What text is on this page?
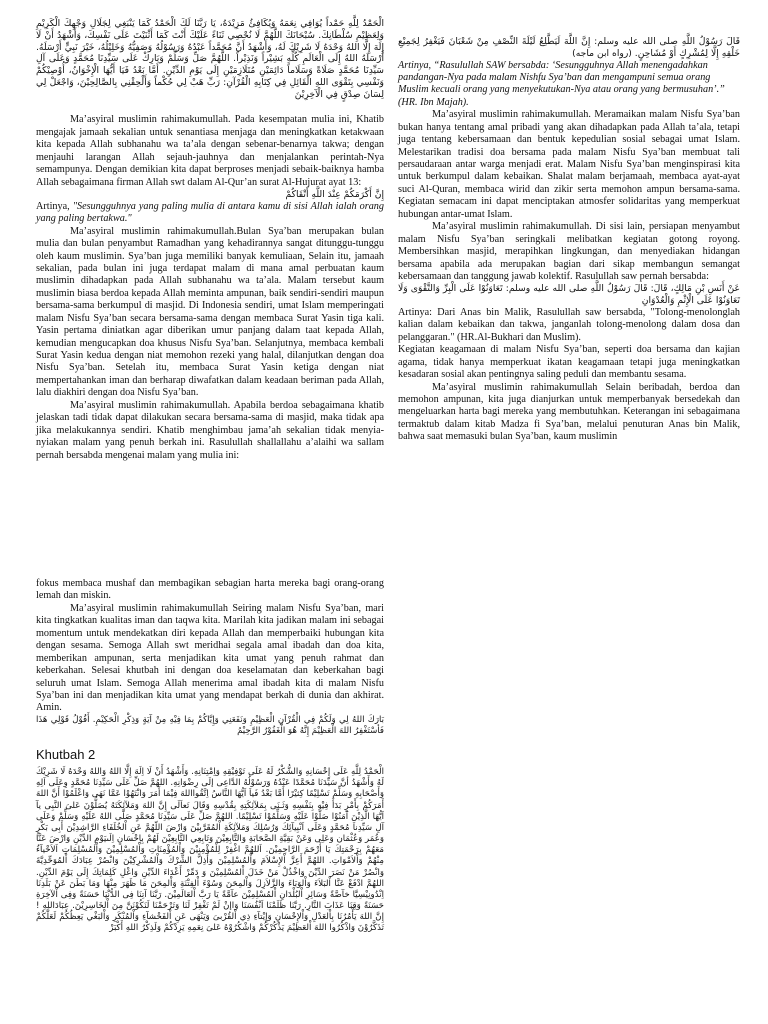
الْحَمْدُ لِلَّهِ حَمْداً يُوَافِي نِعَمَهُ وَيُكَافِئُ مَزِيْدَهُ، يَا رَبَّنَا لَكَ الْحَمْدُ كَمَا يَنْبَغِي لِجَلَالِ وَجْهِكَ الْكَرِيْمِ وَلِعَظِيْمِ سُلْطَانِكَ. سُبْحَانَكَ اللَّهُمَّ لَا نُحْصِي ثَنَاءً عَلَيْكَ أَنْتَ كَمَا أَثْنَيْتَ عَلَى نَفْسِكَ، وَأَشْهَدُ أَنْ لَا إِلَهَ إِلَّا اللهُ وَحْدَهُ لَا شَرِيْكَ لَهُ، وَأَشْهَدُ أَنَّ مُحَمَّداً عَبْدُهُ وَرَسُوْلُهُ وَصَفِيُّهُ وَخَلِيْلُهُ، خَيْرَ نَبِيٍّ أَرْسَلَهُ. أَرْسَلَهُ اللهُ إِلَى الْعَالَمِ كُلِّهِ بَشِيْراً وَنَذِيْراً. اللَّهُمَّ صَلِّ وَسَلِّمْ وَبَارِكْ عَلَى سَيِّدِنَا مُحَمَّدٍ وَعَلَى آلِ سَيِّدِنَا مُحَمَّدٍ صَلَاةً وَسَلَاماً دَائِمَيْنِ مُتَلَازِمَيْنِ إِلَى يَوْمِ الدِّيْنِ. أَمَّا بَعْدُ فَيَا أَيُّهَا الْإِخْوَانُ، أُوْصِيْكُمْ وَنَفْسِي بِتَقْوَى اللهِ الْقَائِلِ فِي كِتَابِهِ الْقُرْآنِ: رَبِّ هَبْ لِي حُكْماً وَأَلْحِقْنِي بِالصَّالِحِيْنَ، وَاجْعَلْ لِي لِسَانَ صِدْقٍ فِي الْآخِرِيْنَ

Ma’asyiral muslimin rahimakumullah. Pada kesempatan mulia ini, Khatib mengajak jamaah sekalian untuk senantiasa menjaga dan meningkatkan ketakwaan kita kepada Allah subhanahu wa ta’ala dengan sebenar-benarnya takwa; dengan menjauhi larangan Allah sejauh-jauhnya dan menjalankan perintah-Nya semampunya. Dengan demikian kita dapat berproses menjadi sebaik-baiknya hamba Allah sebagaimana firman Allah swt dalam Al-Qur’an surat Al-Hujurat ayat 13:

إِنَّ أَكْرَمَكُمْ عِنْدَ اللَّهِ أَتْقَاكُمْ

Artinya, "Sesungguhnya yang paling mulia di antara kamu di sisi Allah ialah orang yang paling bertakwa."

Ma’asyiral muslimin rahimakumullah.Bulan Sya’ban merupakan bulan mulia dan bulan penyambut Ramadhan yang kehadirannya sangat ditunggu-tunggu oleh kaum muslimin. Sya’ban juga memiliki banyak kemuliaan, Selain itu, jamaah sekalian, pada bulan ini juga terdapat malam di mana amal perbuatan kaum muslimin dihadapkan pada Allah subhanahu wa ta’ala. Malam tersebut kaum muslimin biasa berdoa kepada Allah meminta ampunan, baik sendiri-sendiri maupun bersama-sama berkumpul di masjid. Di Indonesia sendiri, umat Islam memperingati malam Nisfu Sya’ban secara bersama-sama dengan membaca Surat Yasin tiga kali. Yasin pertama diniatkan agar diberikan umur panjang dalam taat kepada Allah, kemudian mengucapkan doa khusus Nisfu Sya’ban. Selanjutnya, membaca kembali Surat Yasin kedua dengan niat memohon rezeki yang halal, dilanjutkan dengan doa Nisfu Sya’ban. Setelah itu, membaca Surat Yasin ketiga dengan niat mempertahankan iman dan berharap diwafatkan dalam keadaan beriman pada Allah, lalu diakhiri dengan doa Nisfu Sya’ban.

Ma’asyiral muslimin rahimakumullah. Apabila berdoa sebagaimana khatib jelaskan tadi tidak dapat dilakukan secara bersama-sama di masjid, maka tidak apa jika melakukannya sendiri. Khatib menghimbau jama’ah sekalian tidak menyia-nyiakan malam yang penuh berkah ini. Rasulullah shallallahu a’alaihi wa sallam pernah bersabda mengenai malam yang mulia ini:

قَالَ رَسُوْلُ اللَّهِ صلى الله عليه وسلم: إِنَّ اللَّهَ لَيَطَّلِعُ لَيْلَةَ النِّصْفِ مِنْ شَعْبَانَ فَيَغْفِرُ لِجَمِيْعِ خَلْقِهِ إِلَّا لِمُشْرِكٍ أَوْ مُشَاحِنٍ. (رواه ابن ماجه)

Artinya, “Rasulullah SAW bersabda: ‘Sesungguhnya Allah menengadahkan pandangan-Nya pada malam Nishfu Sya’ban dan mengampuni semua orang Muslim kecuali orang yang menyekutukan-Nya atau orang yang bermusuhan’.” (HR. Ibn Majah).

Ma’asyiral muslimin rahimakumullah. Meramaikan malam Nisfu Sya’ban bukan hanya tentang amal pribadi yang akan dihadapkan pada Allah ta’ala, tetapi juga tentang kebersamaan dan bentuk kepedulian sosial sebagai umat Islam. Melestarikan tradisi doa bersama pada malam Nisfu Sya’ban membuat tali persaudaraan antar warga menjadi erat. Malam Nisfu Sya’ban menginspirasi kita untuk berkumpul dalam kebaikan. Shalat malam berjamaah, membaca ayat-ayat suci Al-Quran, membaca wirid dan zikir serta memohon ampun bersama-sama. Kegiatan semacam ini dapat menciptakan atmosfer solidaritas yang memperkuat hubungan antar-umat Islam.

Ma’asyiral muslimin rahimakumullah. Di sisi lain, persiapan menyambut malam Nisfu Sya’ban seringkali melibatkan kegiatan gotong royong. Membersihkan masjid, merapihkan lingkungan, dan menyediakan hidangan bersama apabila ada merupakan bagian dari sikap membangun semangat kebersamaan dan tanggung jawab kolektif. Rasulullah saw pernah bersabda:

عَنْ أَنَسِ بْنِ مَالِكٍ، قَالَ: قَالَ رَسُوْلُ اللَّهِ صلى الله عليه وسلم: تَعَاوَنُوْا عَلَى الْبِرِّ وَالتَّقْوَى وَلَا تَعَاوَنُوْا عَلَى الْإِثْمِ وَالْعُدْوَانِ

Artinya: Dari Anas bin Malik, Rasulullah saw bersabda, "Tolong-menolonglah kalian dalam kebaikan dan takwa, janganlah tolong-menolong dalam dosa dan pelanggaran." (HR.Al-Bukhari dan Muslim).

Kegiatan keagamaan di malam Nisfu Sya’ban, seperti doa bersama dan kajian agama, tidak hanya memperkuat ikatan keagamaan tetapi juga meningkatkan kesadaran sosial akan pentingnya saling peduli dan membantu sesama.

Ma’asyiral muslimin rahimakumullah Selain beribadah, berdoa dan memohon ampunan, kita juga dianjurkan untuk memperbanyak bersedekah dan mengeluarkan harta bagi mereka yang membutuhkan. Keterangan ini sebagaimana termaktub dalam kitab Madza fi Sya’ban, melalui penuturan Anas bin Malik, bahwa saat memasuki bulan Sya’ban, kaum muslimin

fokus membaca mushaf dan membagikan sebagian harta mereka bagi orang-orang lemah dan miskin.

Ma’asyiral muslimin rahimakumullah Seiring malam Nisfu Sya’ban, mari kita tingkatkan kualitas iman dan taqwa kita. Marilah kita jadikan malam ini sebagai momentum untuk mendekatkan diri kepada Allah dan memperbaiki hubungan kita dengan sesama. Semoga Allah swt meridhai segala amal ibadah dan doa kita, memberikan ampunan, serta menjadikan kita umat yang penuh rahmat dan keberkahan. Selesai khutbah ini dengan doa keselamatan dan keberkahan bagi seluruh umat Islam. Semoga Allah menerima amal ibadah kita di malam Nisfu Sya’ban ini dan menjadikan kita umat yang mendapat berkah di dunia dan akhirat. Amin.

بَارَكَ اللهُ لِي وَلَكُمْ فِي الْقُرْآنِ الْعَظِيْمِ وَنَفَعَنِي وَإِيَّاكُمْ بِمَا فِيْهِ مِنْ آيَةٍ وَذِكْرِ الْحَكِيْمِ. أَقُوْلُ قَوْلِي هَذَا فَأسْتَغْفِرُ اللهَ الْعَظِيْمَ إِنَّهُ هُوَ الْغَفُوْرُ الرَّحِيْمُ

Khutbah 2

الْحَمْدُ لِلَّهِ عَلَى إِحْسَانِهِ وَالشُّكْرُ لَهُ عَلَى تَوْفِيْقِهِ وَاِمْتِنَانِهِ. وَأَشْهَدُ أَنْ لَا اِلَهَ إِلَّا اللهُ وَاللهُ وَحْدَهُ لَا شَرِيْكَ لَهُ وَأَشْهَدُ أنَّ سَيِّدَنَا مُحَمَّدًا عَبْدُهُ وَرَسُوْلُهُ الدَّاعِى إلَى رِضْوَانِهِ. اللهُمَّ صَلِّ عَلَى سَيِّدِنَا مُحَمَّدٍ وِعَلَى اَلِهِ وَأَصْحَابِهِ وَسَلِّمْ تَسْلِيْمًا كِثيْرًا أَمَّا بَعْدُ فَياَ اَيُّهَا النَّاسُ اِتَّقُوااللهَ فِيْمَا أَمَرَ وَانْتَهُوْا عَمَّا نَهَى وَاعْلَمُوْا أَنَّ اللهَ أَمَرَكُمْ بِأَمْرٍ بَدَأَ فِيْهِ بِنَفْسِهِ وَثَـنَى بِمَلآئِكَتِهِ بِقُدْسِهِ وَقَالَ تَعاَلَى إِنَّ اللهَ وَمَلآئِكَتَهُ يُصَلُّوْنَ عَلىَ النَّبِى يآ اَيُّهَا الَّذِيْنَ آمَنُوْا صَلُّوْا عَلَيْهِ وَسَلِّمُوْا تَسْلِيْمًا. اللهُمَّ صَلِّ عَلَى سَيِّدِنَا مُحَمَّدٍ صَلَّى اللهُ عَلَيْهِ وَسَلِّمْ وَعَلَى آلِ سَيِّدِناَ مُحَمَّدٍ وَعَلَى اَنْبِيآئِكَ وَرُسُلِكَ وَمَلآئِكَةِ اْلمُقَرَّبِيْنَ وَارْضَ اللّهُمَّ عَنِ اْلخُلَفَاءِ الرَّاشِدِيْنَ أَبِى بَكْرٍ وَعُمَر وَعُثْمَان وَعَلِى وَعَنْ بَقِيَّةِ الصَّحَابَةِ وَالتَّابِعِيْنَ وَتَابِعِي التَّابِعِيْنَ لَهُمْ بِاِحْسَانٍ اِلَىيَوْمِ الدِّيْنِ وَارْضَ عَنَّا مَعَهُمْ بِرَحْمَتِكَ يَا أَرْحَمَ الرَّاحِمِيْنَ. اَللهُمَّ اغْفِرْ لِلْمُؤْمِنِيْنَ وَاْلمُؤْمِنَاتِ وَاْلمُسْلِمِيْنَ وَاْلمُسْلِمَاتِ اَلاَحْيآءُ مِنْهُمْ وَاْلاَمْوَاتِ. اللهُمَّ أَعِزَّ اْلإِسْلاَمَ وَاْلمُسْلِمِيْنَ وَأَذِلَّ الشِّرْكَ وَاْلمُشْرِكِيْنَ وَانْصُرْ عِبَادَكَ اْلمُوَحِّدِيَّةَ وَانْصُرْ مَنْ نَصَرَ الدِّيْنَ وَاخْذُلْ مَنْ خَذَلَ اْلمُسْلِمِيْنَ وَ دَمِّرْ أَعْدَاءَ الدِّيْنِ وَاعْلِ كَلِمَاتِكَ إِلَى يَوْمَ الدِّيْنِ. اللهُمَّ ادْفَعْ عَنَّا اْلبَلاَءَ وَاْلوَبَاءَ وَالزَّلاَزِلَ وَاْلمِحَنَ وَسُوْءَ اْلفِتْنَةِ وَاْلمِحَنَ مَا ظَهَرَ مِنْهَا وَمَا بَطَنَ عَنْ بَلَدِنَا اِنْدُونِيْسِيَّا خآصَّةً وَسَائِرِ اْلبُلْدَانِ اْلمُسْلِمِيْنَ عآمَّةً يَا رَبَّ اْلعَالَمِيْنَ. رَبَّنَا آتِنَا فِى الدُّنْيَا حَسَنَةً وَفِى اْلآخِرَةِ حَسَنَةً وَقِنَا عَذَابَ النَّارِ. رَبَّنَا ظَلَمْنَا اَنْفُسَنَا وَاإنْ لَمْ تَغْفِرْ لَنَا وَتَرْحَمْنَا لَنَكُوْنَنَّ مِنَ اْلخَاسِرِيْنَ. عِبَادَاللهِ ! إِنَّ اللهَ يَأْمُرُنَا بِاْلعَدْلِ وَاْلإِحْسَانِ وَإِيْتآءِ ذِي اْلقُرْبىَ وَيَنْهَى عَنِ اْلفَحْشآءِ وَاْلمُنْكَرِ وَاْلبَغْي يَعِظُكُمْ لَعَلَّكُمْ تَذَكَّرُوْنَ وَاذْكُرُوا اللهَ اْلعَظِيْمَ يَذْكُرْكُمْ وَاشْكُرُوْهُ عَلىَ نِعَمِهِ يَزِدْكُمْ وَلَذِكْرُ اللهِ أَكْبَرْ
